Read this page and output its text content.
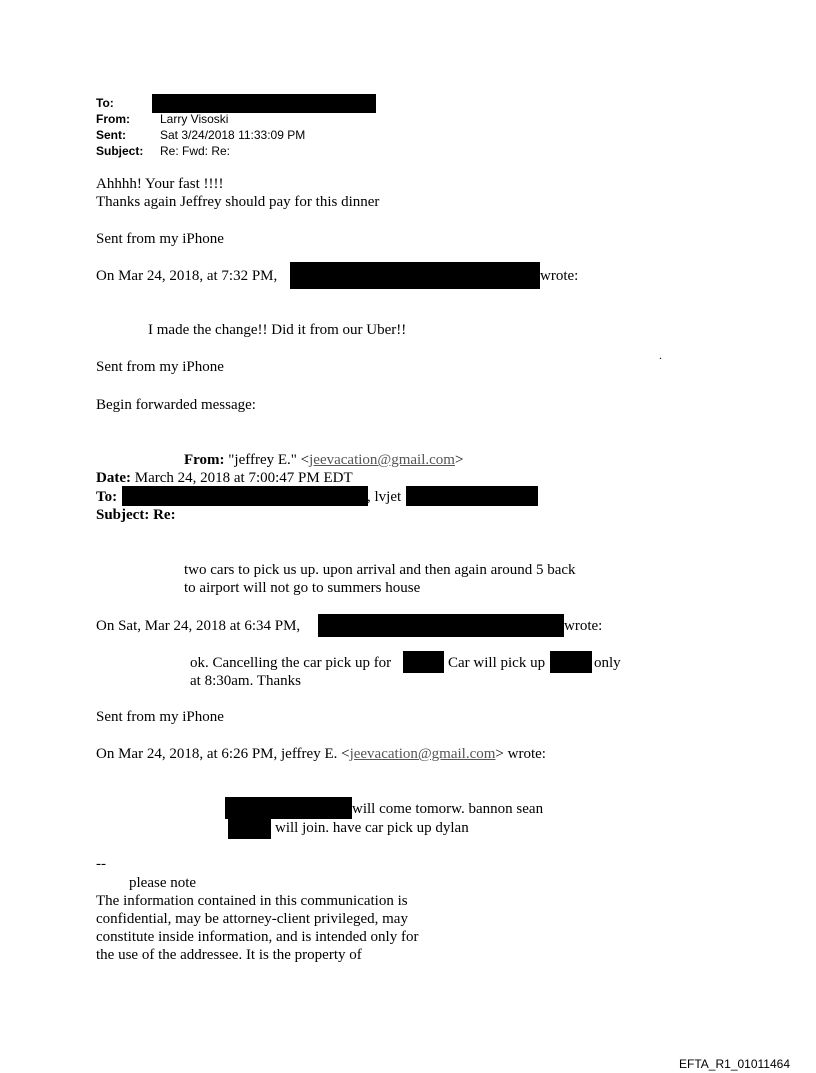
To:
From:	Larry Visoski
Sent:	Sat 3/24/2018 11:33:09 PM
Subject: Re: Fwd: Re:
Ahhhh! Your fast !!!!
Thanks again Jeffrey should pay for this dinner
Sent from my iPhone
On Mar 24, 2018, at 7:32 PM,	wrote:
I made the change!! Did it from our Uber!!
.
Sent from my iPhone
Begin forwarded message:
From: "jeffrey E." <jeevacation@gmail.com>
Date: March 24, 2018 at 7:00:47 PM EDT
To:	, lvjet
Subject: Re:
two cars to pick us up. upon arrival and then again around 5 back
to airport will not go to summers house
On Sat, Mar 24, 2018 at 6:34 PM,	wrote:
ok. Cancelling the car pick up for	Car will pick up	only
at 8:30am. Thanks
Sent from my iPhone
On Mar 24, 2018, at 6:26 PM, jeffrey E. <jeevacation@gmail.com> wrote:
will come tomorw. bannon sean
will join. have car pick up dylan
--
please note
The information contained in this communication is
confidential, may be attorney-client privileged, may
constitute inside information, and is intended only for
the use of the addressee. It is the property of
EFTA_R1_01011464
